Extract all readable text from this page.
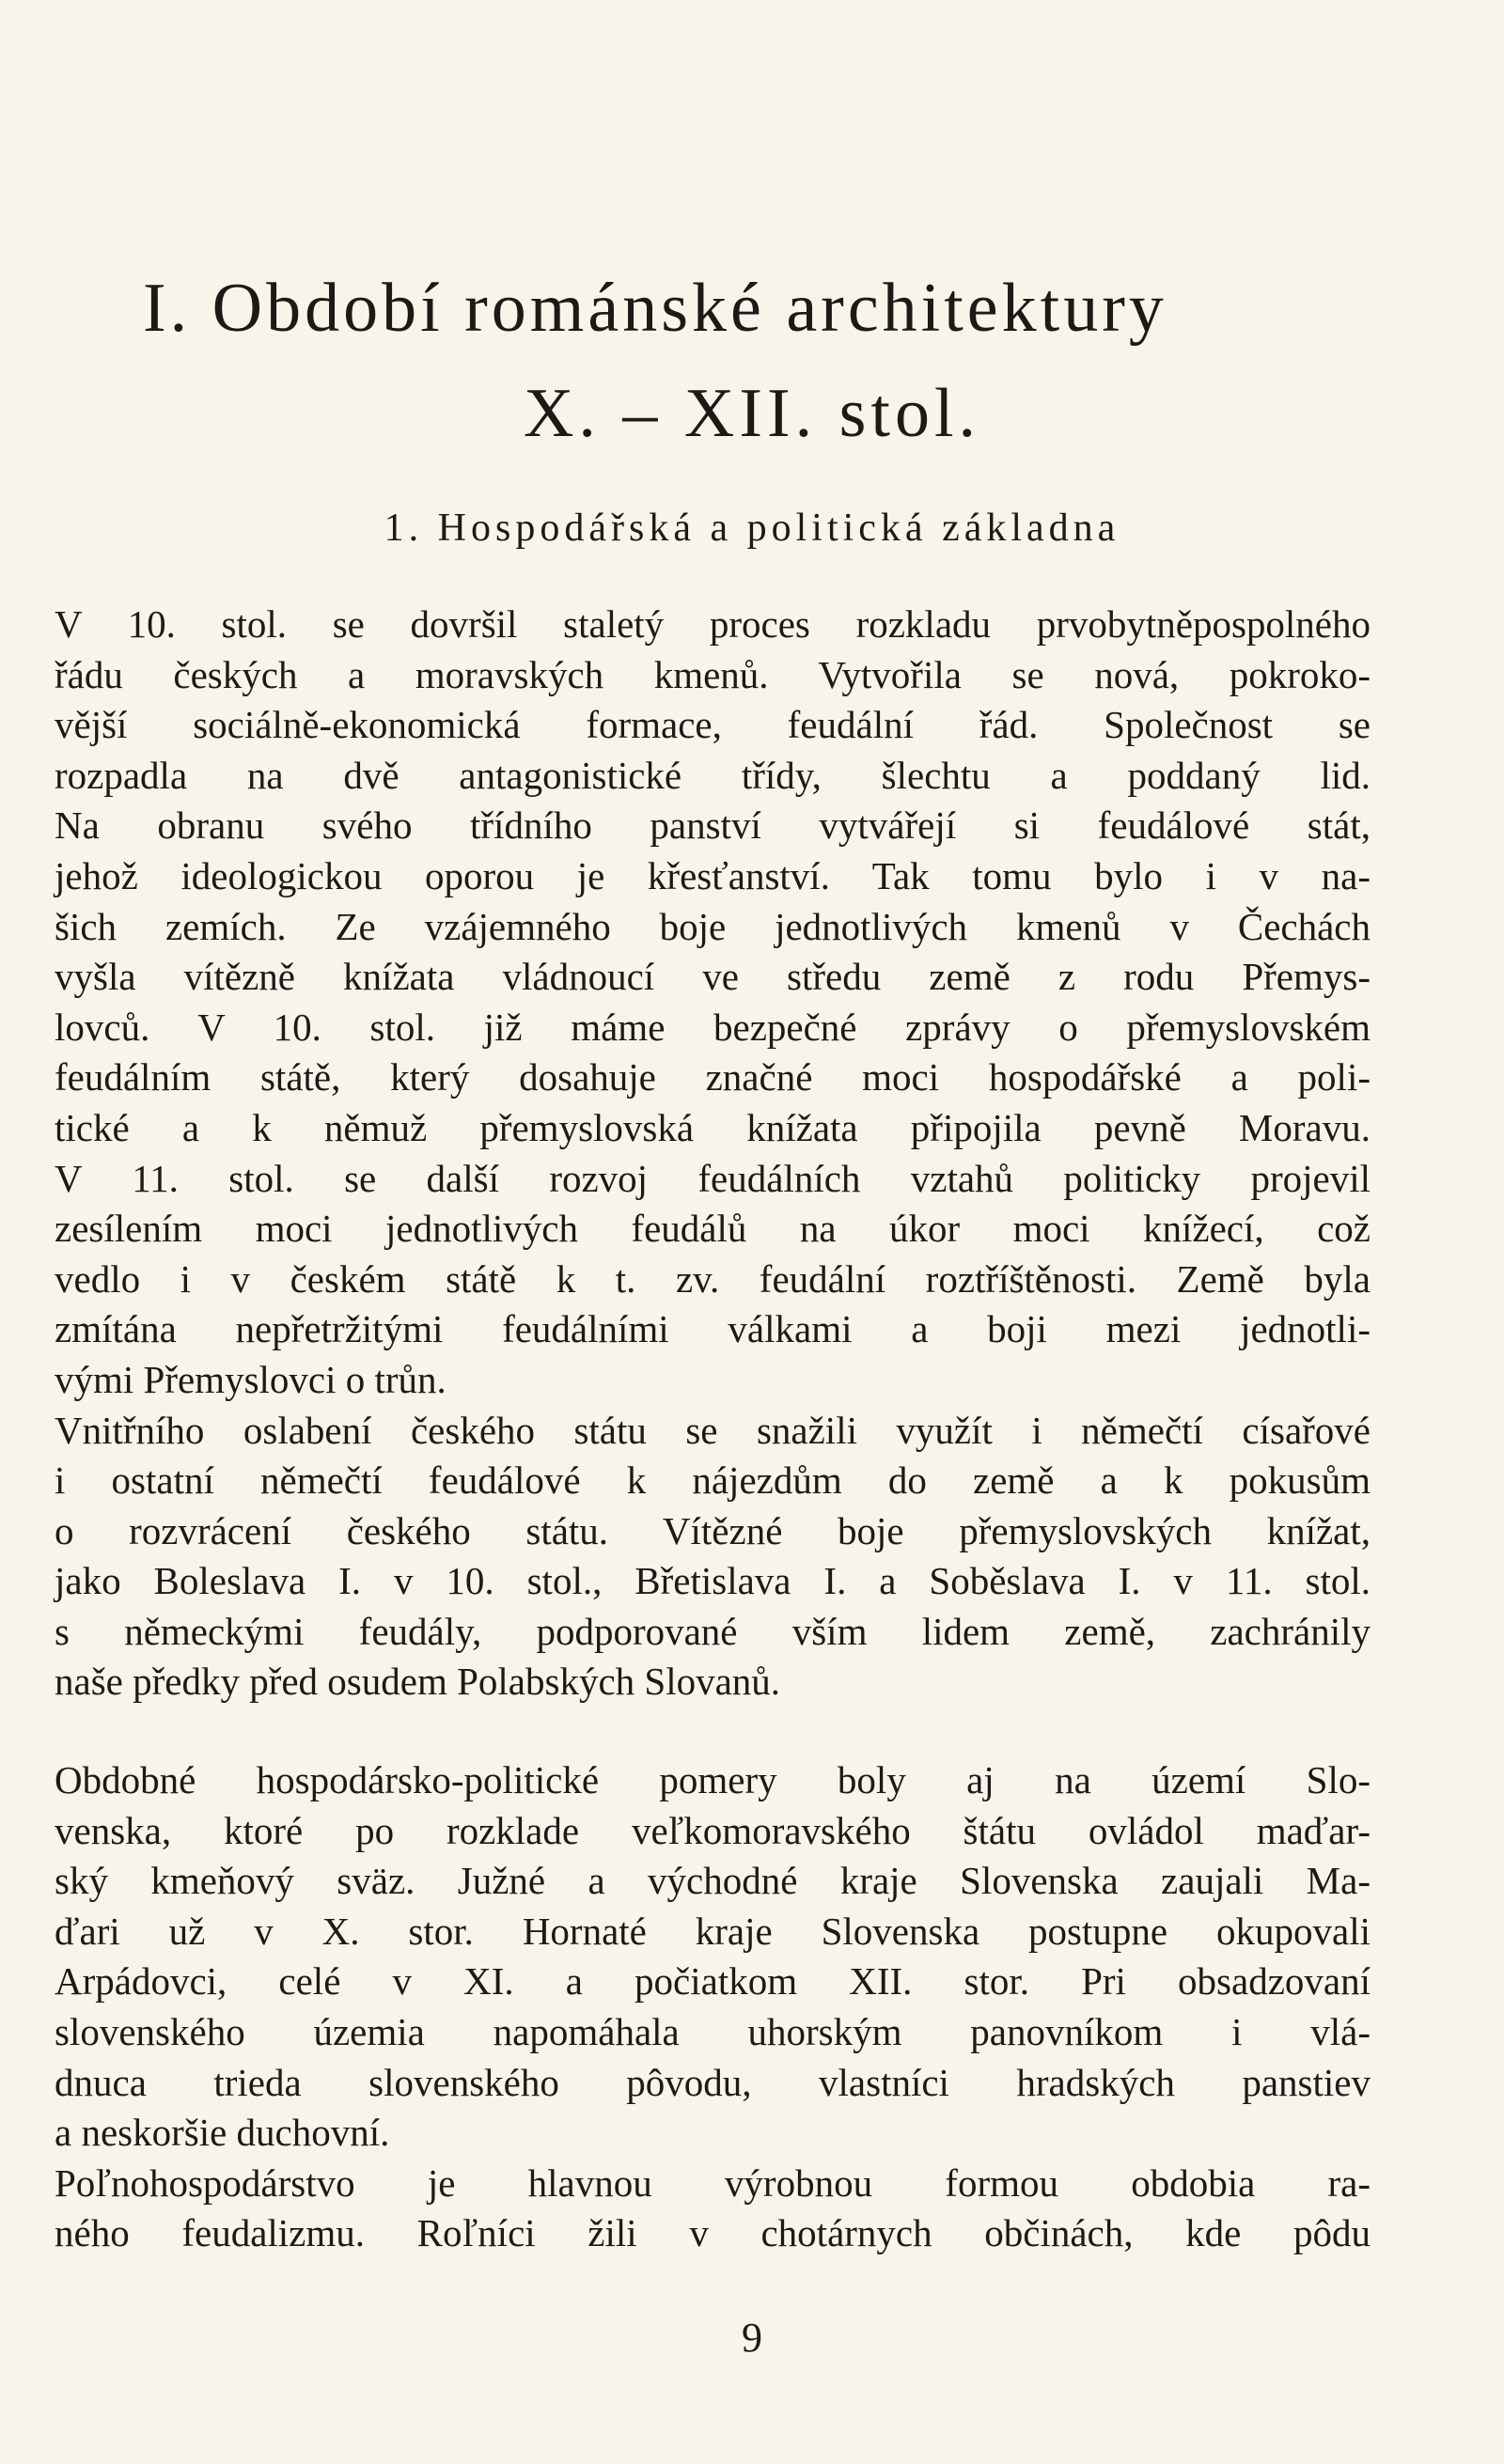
I. Období románské architektury
X. – XII. stol.
1. Hospodářská a politická základna

V 10. stol. se dovršil staletý proces rozkladu prvobytněpospolného
řádu českých a moravských kmenů. Vytvořila se nová, pokroko-
vější sociálně-ekonomická formace, feudální řád. Společnost se
rozpadla na dvě antagonistické třídy, šlechtu a poddaný lid.
Na obranu svého třídního panství vytvářejí si feudálové stát,
jehož ideologickou oporou je křesťanství. Tak tomu bylo i v na-
šich zemích. Ze vzájemného boje jednotlivých kmenů v Čechách
vyšla vítězně knížata vládnoucí ve středu země z rodu Přemys-
lovců. V 10. stol. již máme bezpečné zprávy o přemyslovském
feudálním státě, který dosahuje značné moci hospodářské a poli-
tické a k němuž přemyslovská knížata připojila pevně Moravu.
V 11. stol. se další rozvoj feudálních vztahů politicky projevil
zesílením moci jednotlivých feudálů na úkor moci knížecí, což
vedlo i v českém státě k t. zv. feudální roztříštěnosti. Země byla
zmítána nepřetržitými feudálními válkami a boji mezi jednotli-
vými Přemyslovci o trůn.

Vnitřního oslabení českého státu se snažili využít i němečtí císařové
i ostatní němečtí feudálové k nájezdům do země a k pokusům
o rozvrácení českého státu. Vítězné boje přemyslovských knížat,
jako Boleslava I. v 10. stol., Břetislava I. a Soběslava I. v 11. stol.
s německými feudály, podporované vším lidem země, zachránily
naše předky před osudem Polabských Slovanů.

Obdobné hospodársko-politické pomery boly aj na území Slo-
venska, ktoré po rozklade veľkomoravského štátu ovládol maďar-
ský kmeňový sväz. Južné a východné kraje Slovenska zaujali Ma-
ďari už v X. stor. Hornaté kraje Slovenska postupne okupovali
Arpádovci, celé v XI. a počiatkom XII. stor. Pri obsadzovaní
slovenského územia napomáhala uhorským panovníkom i vlá-
dnuca trieda slovenského pôvodu, vlastníci hradských panstiev
a neskoršie duchovní.

Poľnohospodárstvo je hlavnou výrobnou formou obdobia ra-
ného feudalizmu. Roľníci žili v chotárnych občinách, kde pôdu

9
